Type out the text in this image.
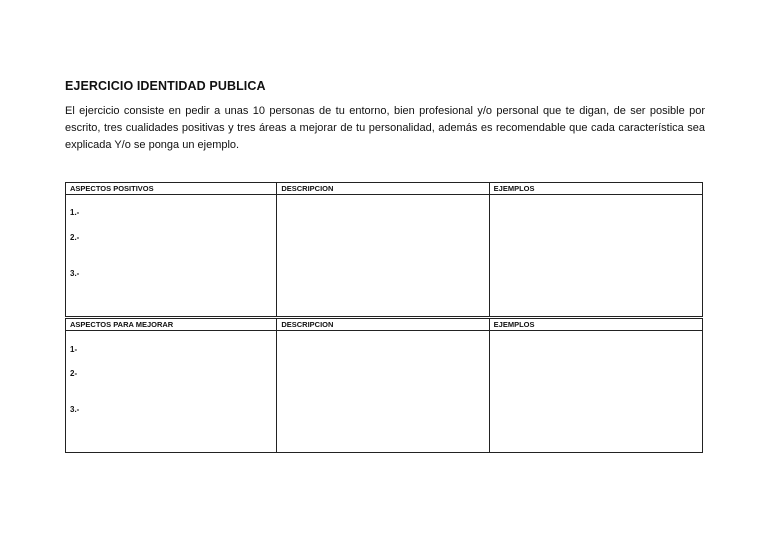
EJERCICIO IDENTIDAD PUBLICA
El ejercicio consiste en pedir a unas 10 personas de tu entorno, bien profesional y/o personal que te digan, de ser posible por escrito, tres cualidades positivas y tres áreas a mejorar de tu personalidad, además es recomendable que cada característica sea explicada Y/o se ponga un ejemplo.
ASPECTOS POSITIVOS	DESCRIPCION	EJEMPLOS

1.-
2.-
3.-		

ASPECTOS PARA MEJORAR	DESCRIPCION	EJEMPLOS

1-
2-
3.-		
